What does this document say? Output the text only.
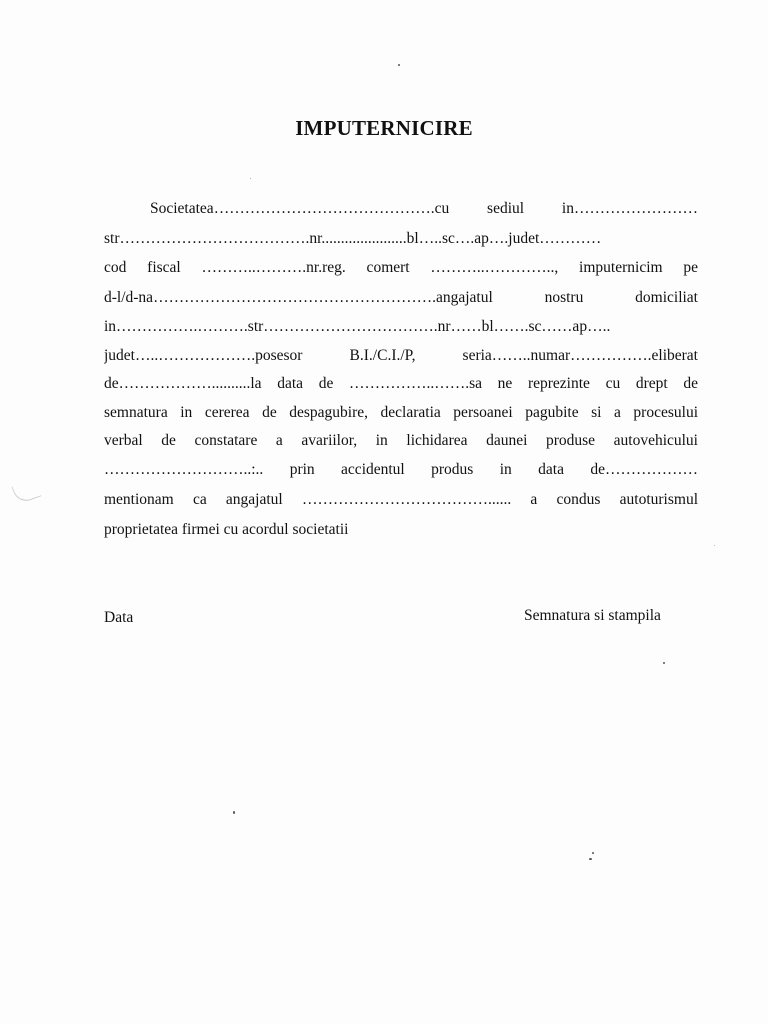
IMPUTERNICIRE
Societatea…………………………………….cu sediul in……………………
str……………………………….nr......................bl…..sc….ap….judet…………
cod fiscal ………..……….nr.reg. comert ………..………….., imputernicim pe
d-l/d-na……………………………………………….angajatul nostru domiciliat
in…………….……….str…………………………….nr……bl…….sc……ap…..
judet…..……………….posesor B.I./C.I./P, seria……..numar…………….eliberat
de………………..........la data de ……………..…….sa ne reprezinte cu drept de
semnatura in cererea de despagubire, declaratia persoanei pagubite si a procesului
verbal de constatare a avariilor, in lichidarea daunei produse autovehicului
………………………..:.. prin accidentul produs in data de………………
mentionam ca angajatul ………………………………...... a condus autoturismul
proprietatea firmei cu acordul societatii
Data	Semnatura si stampila
